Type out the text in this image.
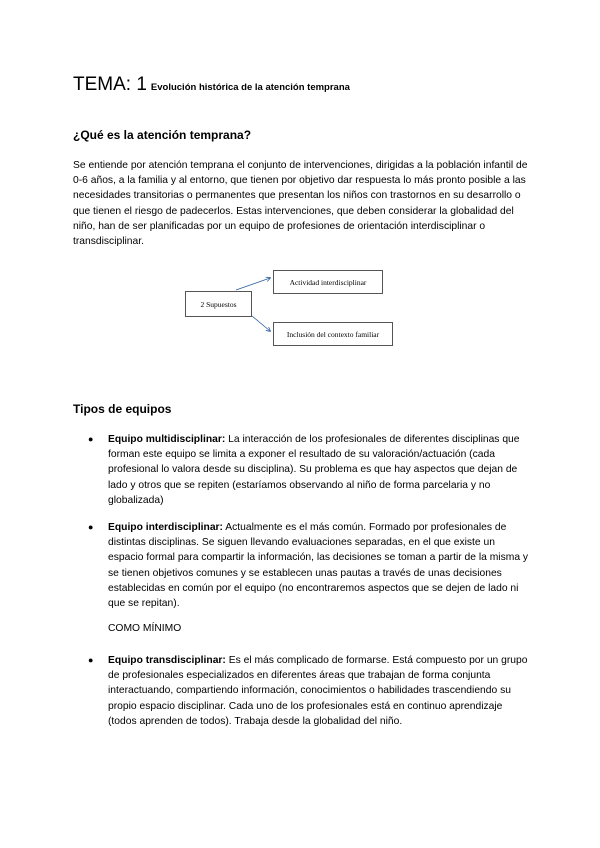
TEMA: 1 Evolución histórica de la atención temprana
¿Qué es la atención temprana?

Se entiende por atención temprana el conjunto de intervenciones, dirigidas a la población infantil de 0-6 años, a la familia y al entorno, que tienen por objetivo dar respuesta lo más pronto posible a las necesidades transitorias o permanentes que presentan los niños con trastornos en su desarrollo o que tienen el riesgo de padecerlos. Estas intervenciones, que deben considerar la globalidad del niño, han de ser planificadas por un equipo de profesiones de orientación interdisciplinar o transdisciplinar.

2 Supuestos
Actividad interdisciplinar
Inclusión del contexto familiar
Tipos de equipos

● Equipo multidisciplinar: La interacción de los profesionales de diferentes disciplinas que forman este equipo se limita a exponer el resultado de su valoración/actuación (cada profesional lo valora desde su disciplina). Su problema es que hay aspectos que dejan de lado y otros que se repiten (estaríamos observando al niño de forma parcelaria y no globalizada)

● Equipo interdisciplinar: Actualmente es el más común. Formado por profesionales de distintas disciplinas. Se siguen llevando evaluaciones separadas, en el que existe un espacio formal para compartir la información, las decisiones se toman a partir de la misma y se tienen objetivos comunes y se establecen unas pautas a través de unas decisiones establecidas en común por el equipo (no encontraremos aspectos que se dejen de lado ni que se repitan).

COMO MÍNIMO

● Equipo transdisciplinar: Es el más complicado de formarse. Está compuesto por un grupo de profesionales especializados en diferentes áreas que trabajan de forma conjunta interactuando, compartiendo información, conocimientos o habilidades trascendiendo su propio espacio disciplinar. Cada uno de los profesionales está en continuo aprendizaje (todos aprenden de todos). Trabaja desde la globalidad del niño.
